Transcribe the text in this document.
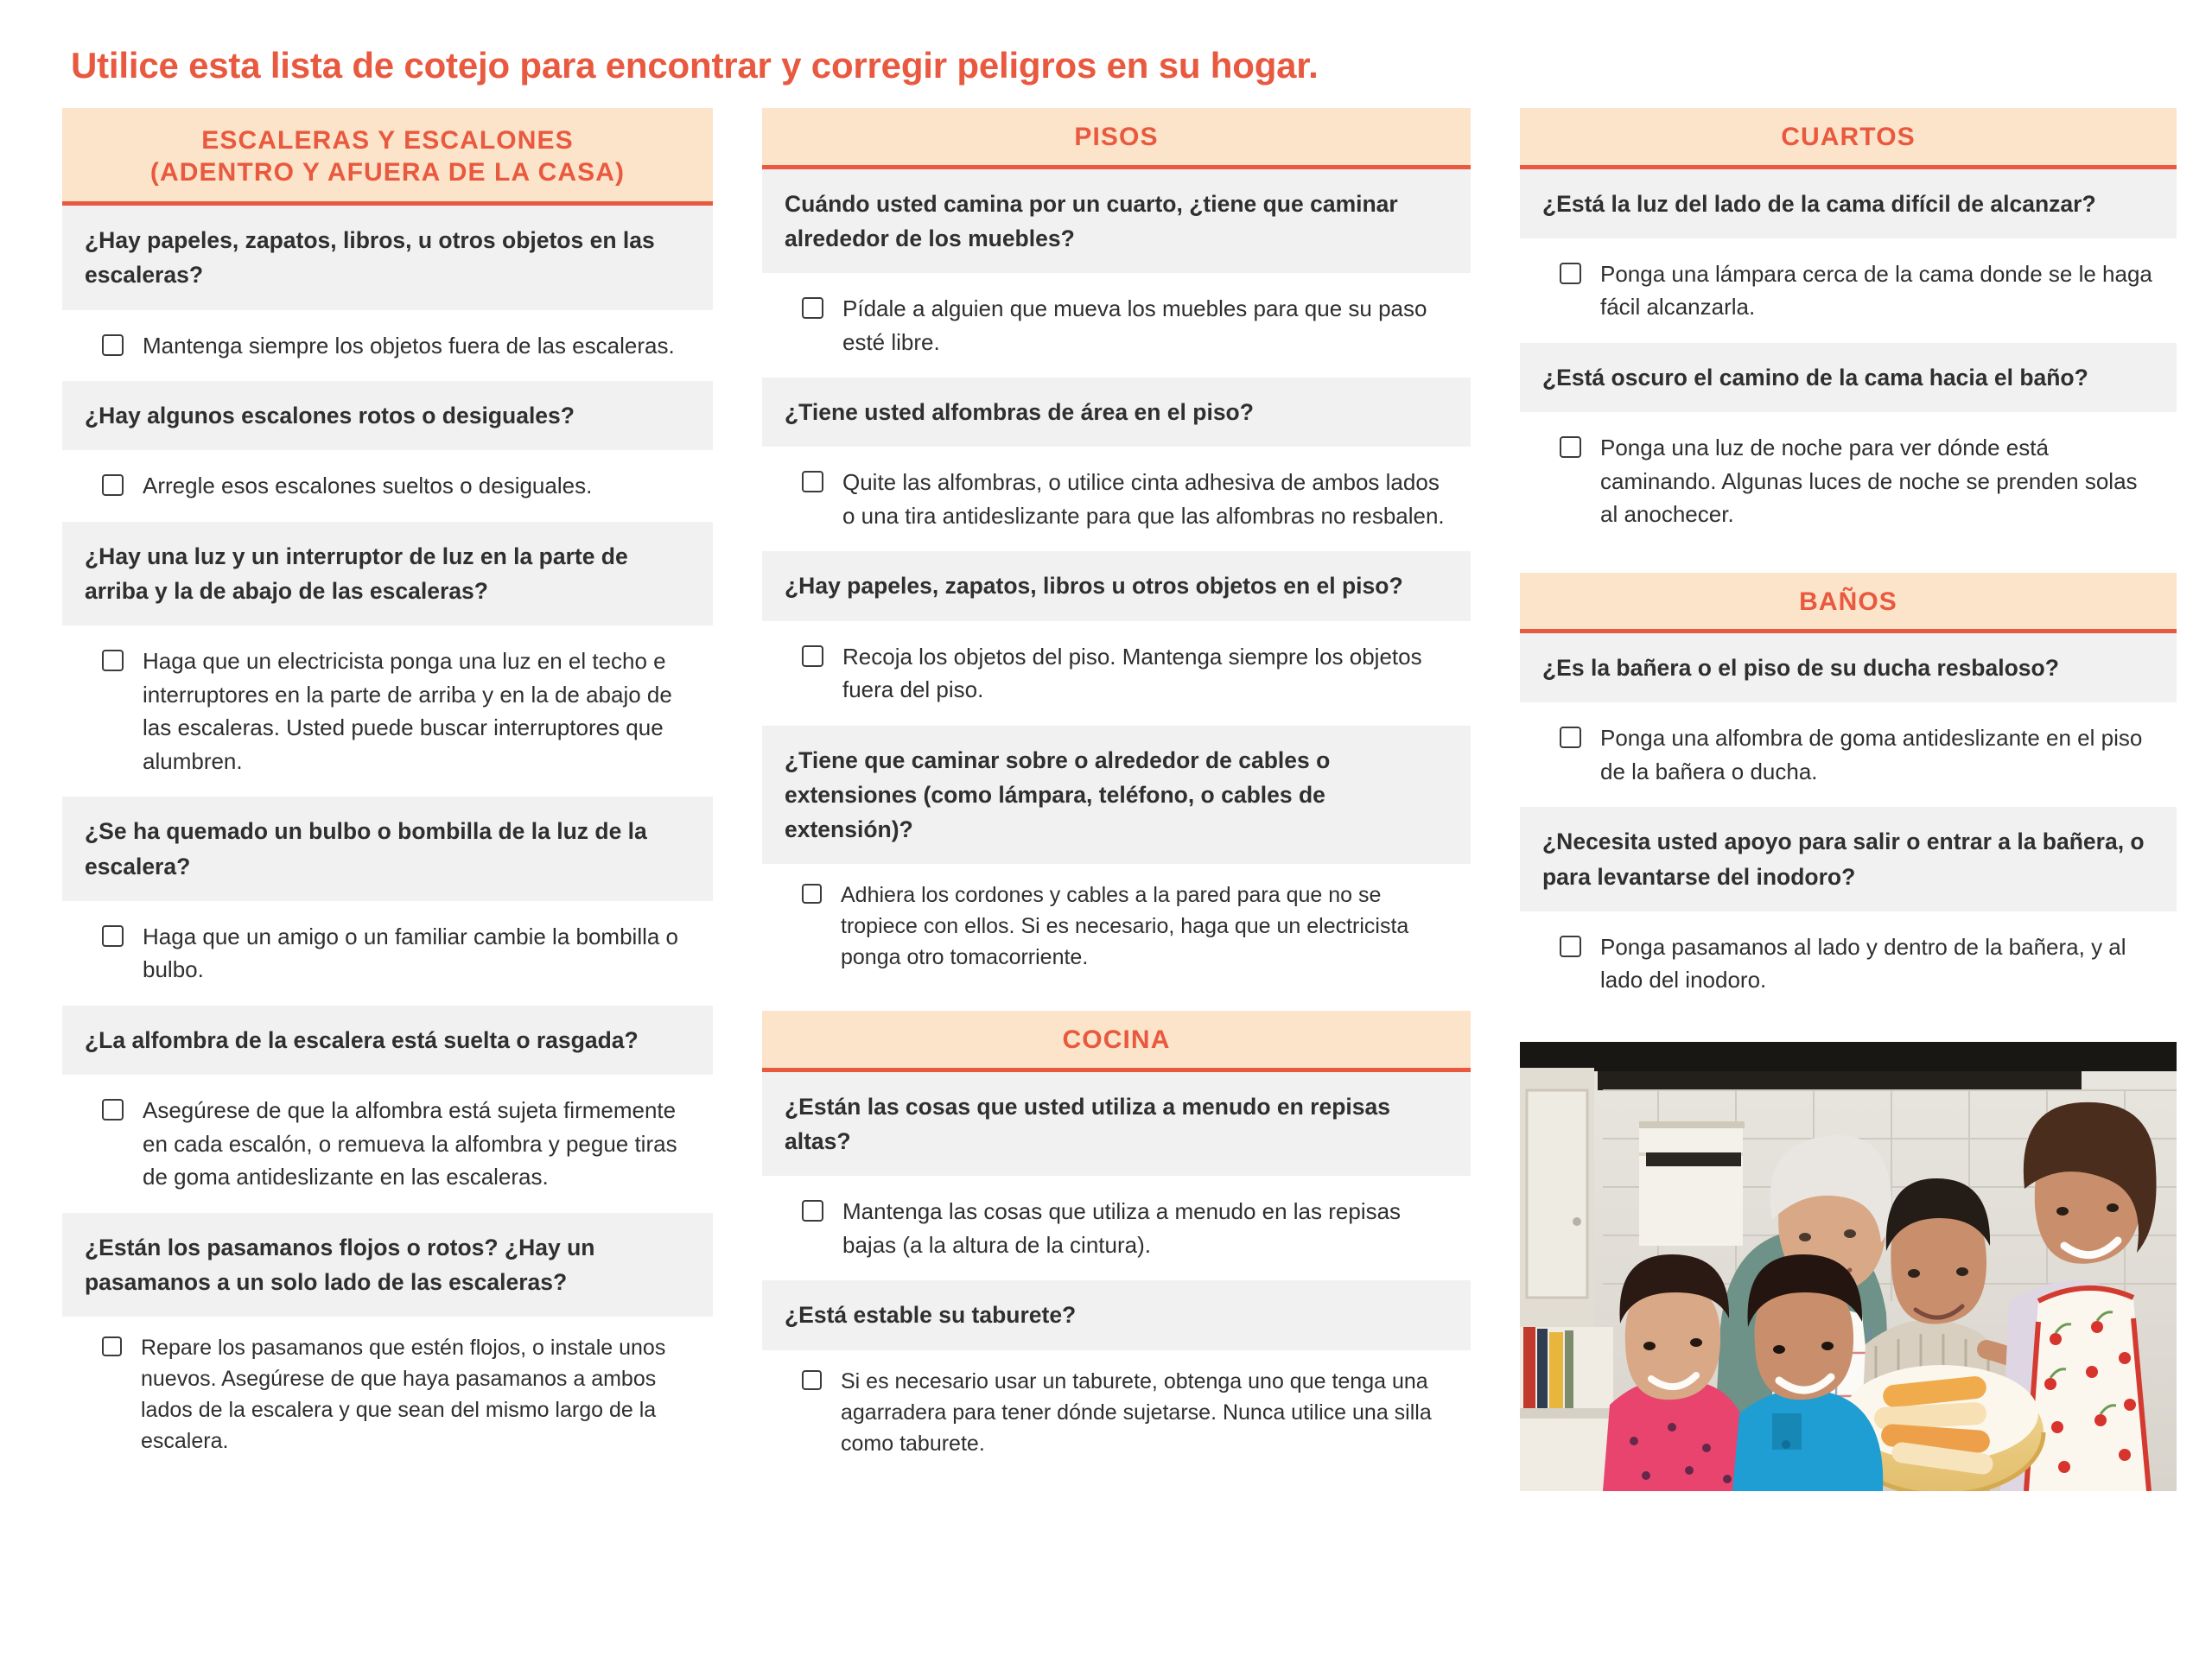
Utilice esta lista de cotejo para encontrar y corregir peligros en su hogar.
ESCALERAS Y ESCALONES
(ADENTRO Y AFUERA DE LA CASA)
¿Hay papeles, zapatos, libros, u otros objetos en las escaleras?
Mantenga siempre los objetos fuera de las escaleras.
¿Hay algunos escalones rotos o desiguales?
Arregle esos escalones sueltos o desiguales.
¿Hay una luz y un interruptor de luz en la parte de arriba y la de abajo de las escaleras?
Haga que un electricista ponga una luz en el techo e interruptores en la parte de arriba y en la de abajo de las escaleras. Usted puede buscar interruptores que alumbren.
¿Se ha quemado un bulbo o bombilla de la luz de la escalera?
Haga que un amigo o un familiar cambie la bombilla o bulbo.
¿La alfombra de la escalera está suelta o rasgada?
Asegúrese de que la alfombra está sujeta firmemente en cada escalón, o remueva la alfombra y pegue tiras de goma antideslizante en las escaleras.
¿Están los pasamanos flojos o rotos? ¿Hay un pasamanos a un solo lado de las escaleras?
Repare los pasamanos que estén flojos, o instale unos nuevos. Asegúrese de que haya pasamanos a ambos lados de la escalera y que sean del mismo largo de la escalera.
PISOS
Cuándo usted camina por un cuarto, ¿tiene que caminar alrededor de los muebles?
Pídale a alguien que mueva los muebles para que su paso esté libre.
¿Tiene usted alfombras de área en el piso?
Quite las alfombras, o utilice cinta adhesiva de ambos lados o una tira antideslizante para que las alfombras no resbalen.
¿Hay papeles, zapatos, libros u otros objetos en el piso?
Recoja los objetos del piso. Mantenga siempre los objetos fuera del piso.
¿Tiene que caminar sobre o alrededor de cables o extensiones (como lámpara, teléfono, o cables de extensión)?
Adhiera los cordones y cables a la pared para que no se tropiece con ellos. Si es necesario, haga que un electricista ponga otro tomacorriente.
COCINA
¿Están las cosas que usted utiliza a menudo en repisas altas?
Mantenga las cosas que utiliza a menudo en las repisas bajas (a la altura de la cintura).
¿Está estable su taburete?
Si es necesario usar un taburete, obtenga uno que tenga una agarradera para tener dónde sujetarse. Nunca utilice una silla como taburete.
CUARTOS
¿Está la luz del lado de la cama difícil de alcanzar?
Ponga una lámpara cerca de la cama donde se le haga fácil alcanzarla.
¿Está oscuro el camino de la cama hacia el baño?
Ponga una luz de noche para ver dónde está caminando. Algunas luces de noche se prenden solas al anochecer.
BAÑOS
¿Es la bañera o el piso de su ducha resbaloso?
Ponga una alfombra de goma antideslizante en el piso de la bañera o ducha.
¿Necesita usted apoyo para salir o entrar a la bañera, o para levantarse del inodoro?
Ponga pasamanos al lado y dentro de la bañera, y al lado del inodoro.
